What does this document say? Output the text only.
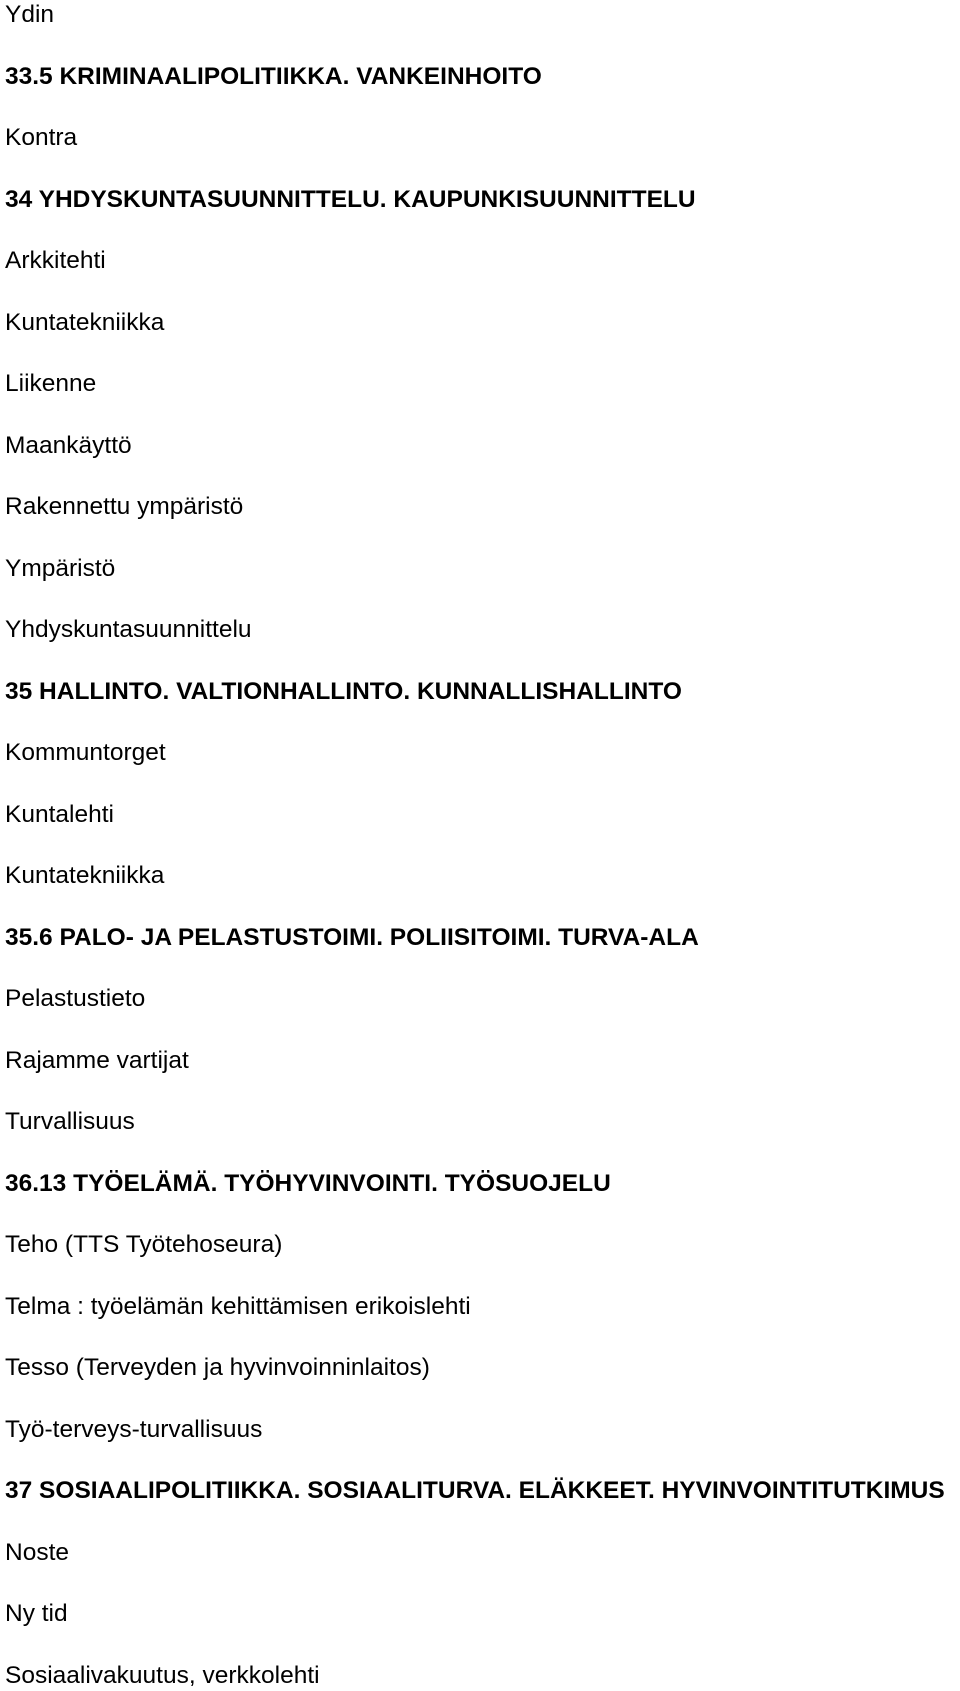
Ydin
33.5 KRIMINAALIPOLITIIKKA. VANKEINHOITO
Kontra
34 YHDYSKUNTASUUNNITTELU. KAUPUNKISUUNNITTELU
Arkkitehti
Kuntatekniikka
Liikenne
Maankäyttö
Rakennettu ympäristö
Ympäristö
Yhdyskuntasuunnittelu
35 HALLINTO. VALTIONHALLINTO. KUNNALLISHALLINTO
Kommuntorget
Kuntalehti
Kuntatekniikka
35.6 PALO- JA PELASTUSTOIMI. POLIISITOIMI. TURVA-ALA
Pelastustieto
Rajamme vartijat
Turvallisuus
36.13 TYÖELÄMÄ. TYÖHYVINVOINTI. TYÖSUOJELU
Teho (TTS Työtehoseura)
Telma : työelämän kehittämisen erikoislehti
Tesso (Terveyden ja hyvinvoinninlaitos)
Työ-terveys-turvallisuus
37 SOSIAALIPOLITIIKKA. SOSIAALITURVA. ELÄKKEET. HYVINVOINTITUTKIMUS
Noste
Ny tid
Sosiaalivakuutus, verkkolehti
